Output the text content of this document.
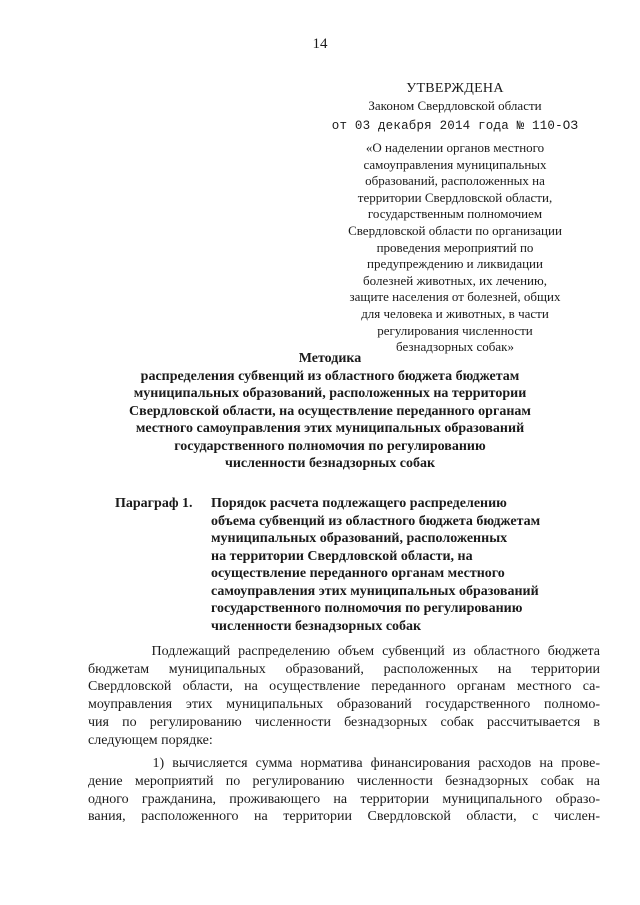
14
УТВЕРЖДЕНА
Законом Свердловской области
от 03 декабря 2014 года № 110-ОЗ
«О наделении органов местного
самоуправления муниципальных
образований, расположенных на
территории Свердловской области,
государственным полномочием
Свердловской области по организации
проведения мероприятий по
предупреждению и ликвидации
болезней животных, их лечению,
защите населения от болезней, общих
для человека и животных, в части
регулирования численности
безнадзорных собак»
Методика
распределения субвенций из областного бюджета бюджетам
муниципальных образований, расположенных на территории
Свердловской области, на осуществление переданного органам
местного самоуправления этих муниципальных образований
государственного полномочия по регулированию
численности безнадзорных собак
Параграф 1. Порядок расчета подлежащего распределению
объема субвенций из областного бюджета бюджетам
муниципальных образований, расположенных
на территории Свердловской области, на
осуществление переданного органам местного
самоуправления этих муниципальных образований
государственного полномочия по регулированию
численности безнадзорных собак
Подлежащий распределению объем субвенций из областного бюджета
бюджетам муниципальных образований, расположенных на территории
Свердловской области, на осуществление переданного органам местного са-
моуправления этих муниципальных образований государственного полномо-
чия по регулированию численности безнадзорных собак рассчитывается в
следующем порядке:
1) вычисляется сумма норматива финансирования расходов на прове-
дение мероприятий по регулированию численности безнадзорных собак на
одного гражданина, проживающего на территории муниципального образо-
вания, расположенного на территории Свердловской области, с числен-
